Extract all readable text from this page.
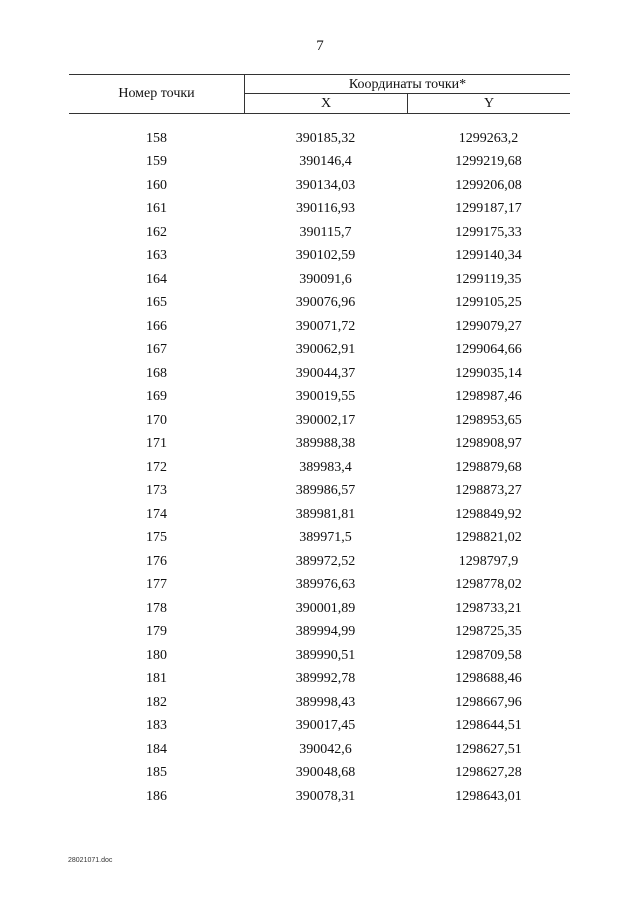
7
Номер точки
Координаты точки*
X	Y
158	390185,32	1299263,2
159	390146,4	1299219,68
160	390134,03	1299206,08
161	390116,93	1299187,17
162	390115,7	1299175,33
163	390102,59	1299140,34
164	390091,6	1299119,35
165	390076,96	1299105,25
166	390071,72	1299079,27
167	390062,91	1299064,66
168	390044,37	1299035,14
169	390019,55	1298987,46
170	390002,17	1298953,65
171	389988,38	1298908,97
172	389983,4	1298879,68
173	389986,57	1298873,27
174	389981,81	1298849,92
175	389971,5	1298821,02
176	389972,52	1298797,9
177	389976,63	1298778,02
178	390001,89	1298733,21
179	389994,99	1298725,35
180	389990,51	1298709,58
181	389992,78	1298688,46
182	389998,43	1298667,96
183	390017,45	1298644,51
184	390042,6	1298627,51
185	390048,68	1298627,28
186	390078,31	1298643,01
28021071.doc
